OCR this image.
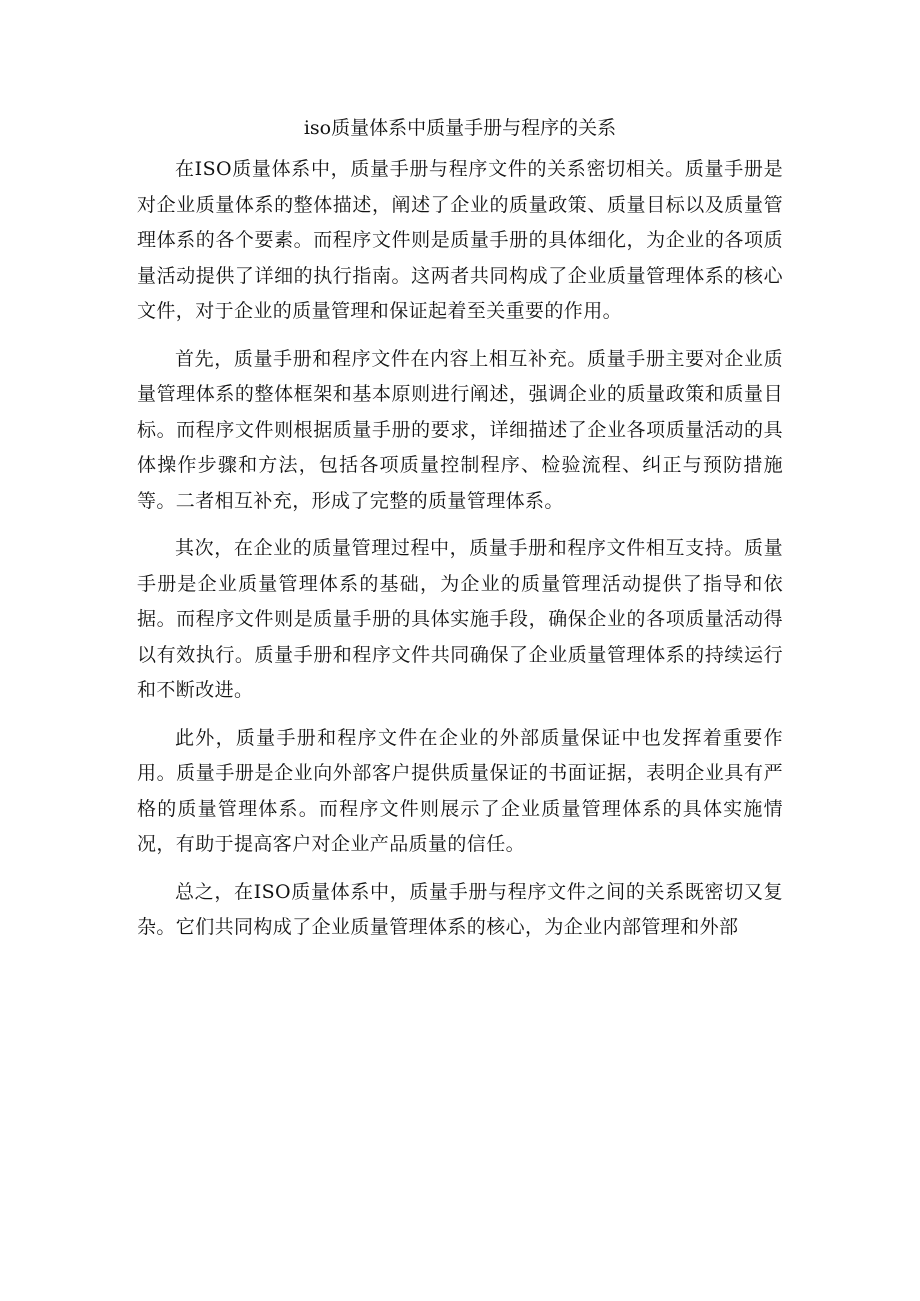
iso质量体系中质量手册与程序的关系

在ISO质量体系中，质量手册与程序文件的关系密切相关。质量手册是对企业质量体系的整体描述，阐述了企业的质量政策、质量目标以及质量管理体系的各个要素。而程序文件则是质量手册的具体细化，为企业的各项质量活动提供了详细的执行指南。这两者共同构成了企业质量管理体系的核心文件，对于企业的质量管理和保证起着至关重要的作用。

首先，质量手册和程序文件在内容上相互补充。质量手册主要对企业质量管理体系的整体框架和基本原则进行阐述，强调企业的质量政策和质量目标。而程序文件则根据质量手册的要求，详细描述了企业各项质量活动的具体操作步骤和方法，包括各项质量控制程序、检验流程、纠正与预防措施等。二者相互补充，形成了完整的质量管理体系。

其次，在企业的质量管理过程中，质量手册和程序文件相互支持。质量手册是企业质量管理体系的基础，为企业的质量管理活动提供了指导和依据。而程序文件则是质量手册的具体实施手段，确保企业的各项质量活动得以有效执行。质量手册和程序文件共同确保了企业质量管理体系的持续运行和不断改进。

此外，质量手册和程序文件在企业的外部质量保证中也发挥着重要作用。质量手册是企业向外部客户提供质量保证的书面证据，表明企业具有严格的质量管理体系。而程序文件则展示了企业质量管理体系的具体实施情况，有助于提高客户对企业产品质量的信任。

总之，在ISO质量体系中，质量手册与程序文件之间的关系既密切又复杂。它们共同构成了企业质量管理体系的核心，为企业内部管理和外部
